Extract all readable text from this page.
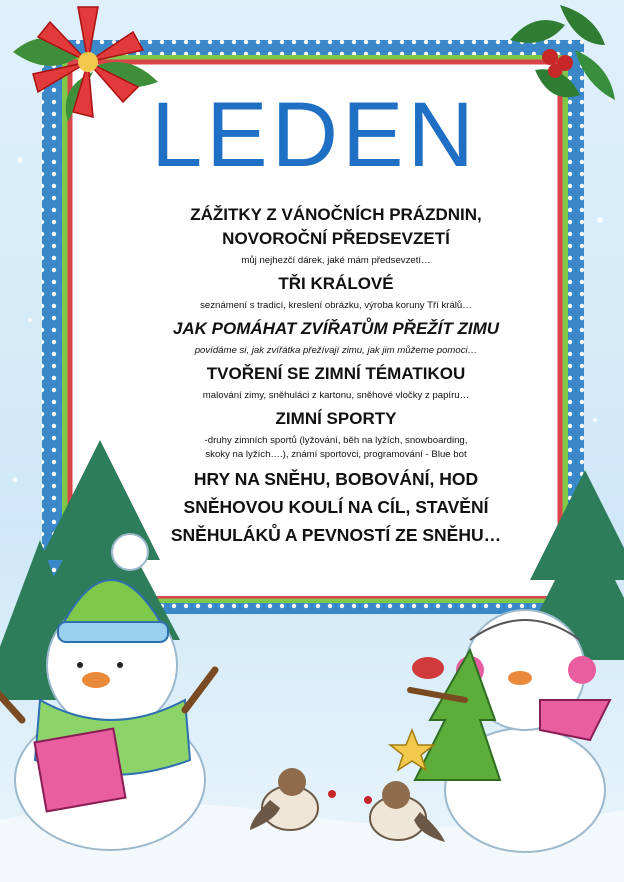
LEDEN
ZÁŽITKY Z VÁNOČNÍCH PRÁZDNIN,
NOVOROČNÍ PŘEDSEVZETÍ
můj nejhezčí dárek, jaké mám předsevzetí…
TŘI KRÁLOVÉ
seznámení s tradicí, kreslení obrázku, výroba koruny Tří králů…
JAK POMÁHAT ZVÍŘATŮM PŘEŽÍT ZIMU
povídáme si, jak zvířátka přežívají zimu, jak jim můžeme pomoci…
TVOŘENÍ SE ZIMNÍ TÉMATIKOU
malování zimy, sněhuláci z kartonu, sněhové vločky z papíru…
ZIMNÍ SPORTY
-druhy zimních sportů (lyžování, běh na lyžích, snowboarding,
skoky na lyžích….), známí sportovci, programování - Blue bot
HRY NA SNĚHU, BOBOVÁNÍ, HOD
SNĚHOVOU KOULÍ NA CÍL, STAVĚNÍ
SNĚHULÁKŮ A PEVNOSTÍ ZE SNĚHU…
